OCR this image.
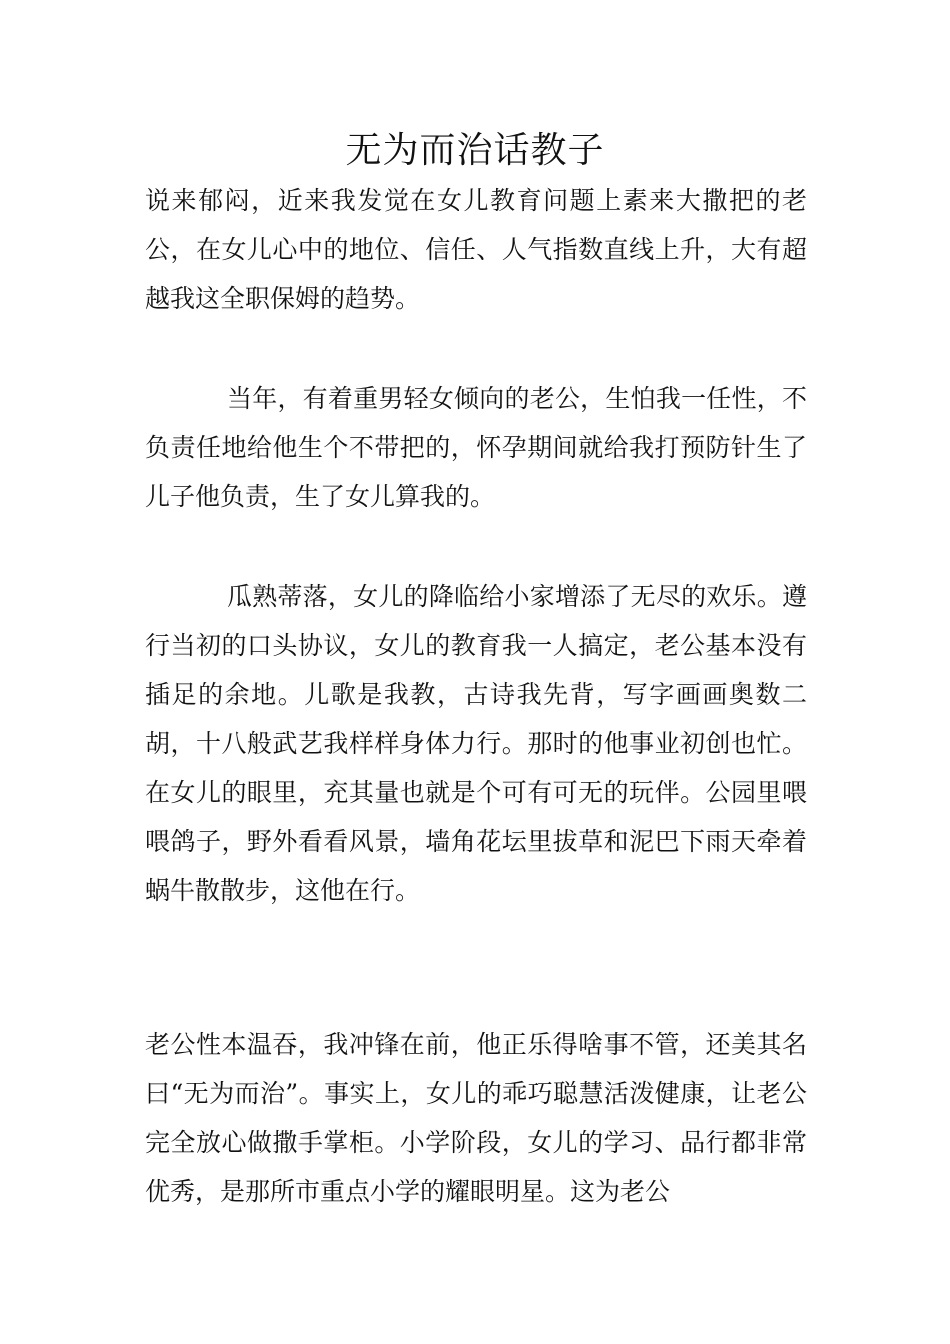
无为而治话教子

说来郁闷，近来我发觉在女儿教育问题上素来大撒把的老公，在女儿心中的地位、信任、人气指数直线上升，大有超越我这全职保姆的趋势。

当年，有着重男轻女倾向的老公，生怕我一任性，不负责任地给他生个不带把的，怀孕期间就给我打预防针生了儿子他负责，生了女儿算我的。

瓜熟蒂落，女儿的降临给小家增添了无尽的欢乐。遵行当初的口头协议，女儿的教育我一人搞定，老公基本没有插足的余地。儿歌是我教，古诗我先背，写字画画奥数二胡，十八般武艺我样样身体力行。那时的他事业初创也忙。在女儿的眼里，充其量也就是个可有可无的玩伴。公园里喂喂鸽子，野外看看风景，墙角花坛里拔草和泥巴下雨天牵着蜗牛散散步，这他在行。

老公性本温吞，我冲锋在前，他正乐得啥事不管，还美其名曰“无为而治”。事实上，女儿的乖巧聪慧活泼健康，让老公完全放心做撒手掌柜。小学阶段，女儿的学习、品行都非常优秀，是那所市重点小学的耀眼明星。这为老公
